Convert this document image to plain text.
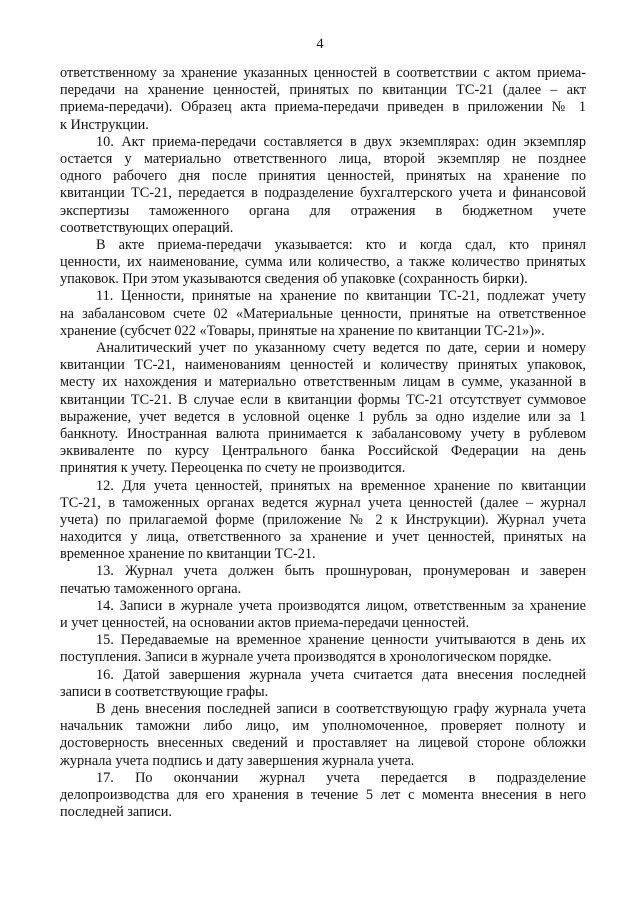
4
ответственному за хранение указанных ценностей в соответствии с актом приема-
передачи на хранение ценностей, принятых по квитанции ТС-21 (далее – акт
приема-передачи). Образец акта приема-передачи приведен в приложении № 1
к Инструкции.
10. Акт приема-передачи составляется в двух экземплярах: один экземпляр
остается у материально ответственного лица, второй экземпляр не позднее
одного рабочего дня после принятия ценностей, принятых на хранение по
квитанции ТС-21, передается в подразделение бухгалтерского учета и финансовой
экспертизы таможенного органа для отражения в бюджетном учете
соответствующих операций.
В акте приема-передачи указывается: кто и когда сдал, кто принял
ценности, их наименование, сумма или количество, а также количество принятых
упаковок. При этом указываются сведения об упаковке (сохранность бирки).
11. Ценности, принятые на хранение по квитанции ТС-21, подлежат учету
на забалансовом счете 02 «Материальные ценности, принятые на ответственное
хранение (субсчет 022 «Товары, принятые на хранение по квитанции ТС-21»)».
Аналитический учет по указанному счету ведется по дате, серии и номеру
квитанции ТС-21, наименованиям ценностей и количеству принятых упаковок,
месту их нахождения и материально ответственным лицам в сумме, указанной в
квитанции ТС-21. В случае если в квитанции формы ТС-21 отсутствует суммовое
выражение, учет ведется в условной оценке 1 рубль за одно изделие или за 1
банкноту. Иностранная валюта принимается к забалансовому учету в рублевом
эквиваленте по курсу Центрального банка Российской Федерации на день
принятия к учету. Переоценка по счету не производится.
12. Для учета ценностей, принятых на временное хранение по квитанции
ТС-21, в таможенных органах ведется журнал учета ценностей (далее – журнал
учета) по прилагаемой форме (приложение № 2 к Инструкции). Журнал учета
находится у лица, ответственного за хранение и учет ценностей, принятых на
временное хранение по квитанции ТС-21.
13. Журнал учета должен быть прошнурован, пронумерован и заверен
печатью таможенного органа.
14. Записи в журнале учета производятся лицом, ответственным за хранение
и учет ценностей, на основании актов приема-передачи ценностей.
15. Передаваемые на временное хранение ценности учитываются в день их
поступления. Записи в журнале учета производятся в хронологическом порядке.
16. Датой завершения журнала учета считается дата внесения последней
записи в соответствующие графы.
В день внесения последней записи в соответствующую графу журнала учета
начальник таможни либо лицо, им уполномоченное, проверяет полноту и
достоверность внесенных сведений и проставляет на лицевой стороне обложки
журнала учета подпись и дату завершения журнала учета.
17. По окончании журнал учета передается в подразделение
делопроизводства для его хранения в течение 5 лет с момента внесения в него
последней записи.
